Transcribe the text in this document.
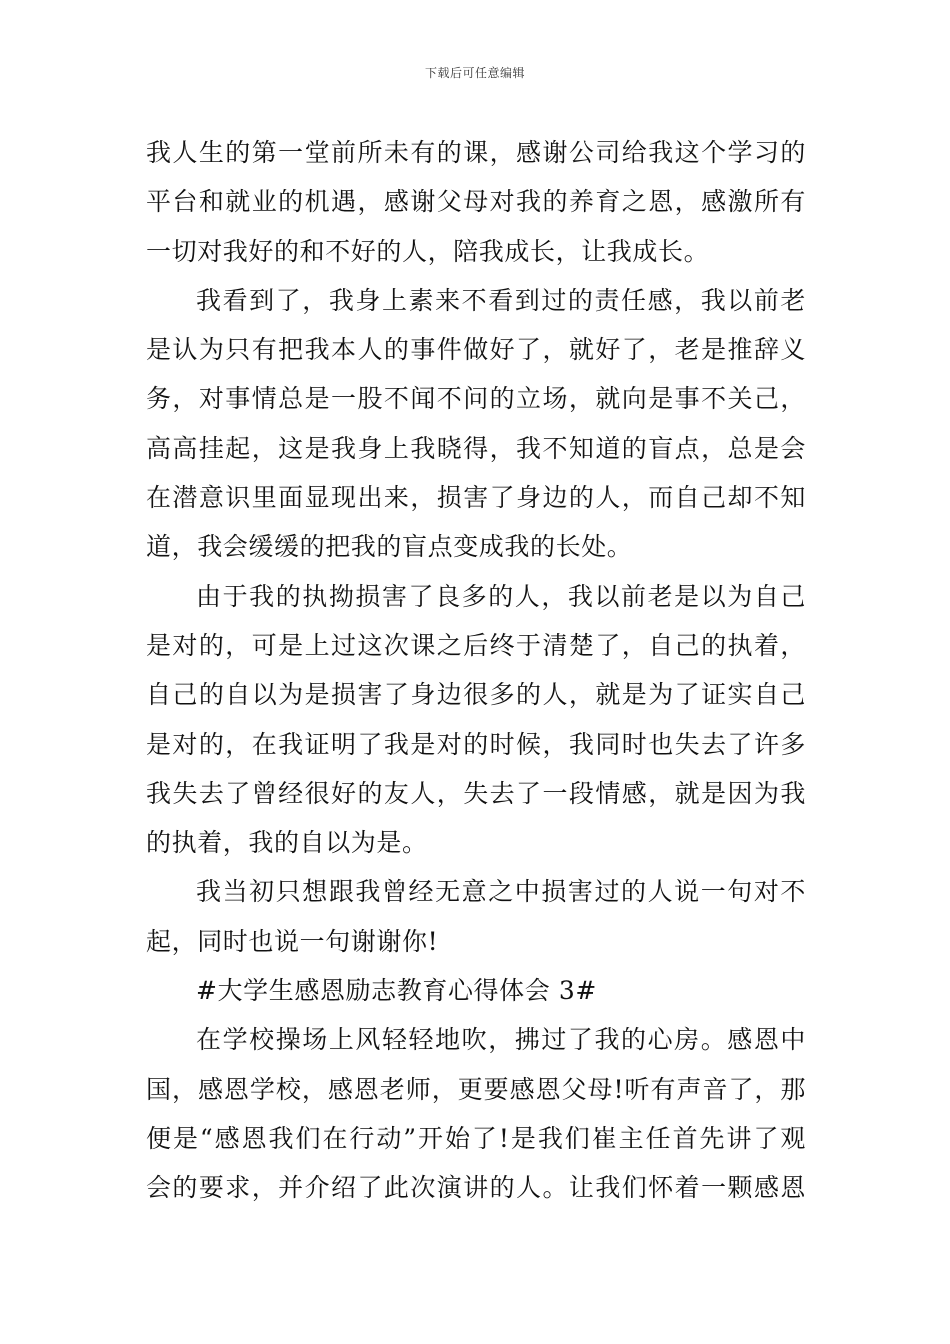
下载后可任意编辑
我人生的第一堂前所未有的课，感谢公司给我这个学习的
平台和就业的机遇，感谢父母对我的养育之恩，感激所有
一切对我好的和不好的人，陪我成长，让我成长。
我看到了，我身上素来不看到过的责任感，我以前老
是认为只有把我本人的事件做好了，就好了，老是推辞义
务，对事情总是一股不闻不问的立场，就向是事不关己，
高高挂起，这是我身上我晓得，我不知道的盲点，总是会
在潜意识里面显现出来，损害了身边的人，而自己却不知
道，我会缓缓的把我的盲点变成我的长处。
由于我的执拗损害了良多的人，我以前老是以为自己
是对的，可是上过这次课之后终于清楚了，自己的执着，
自己的自以为是损害了身边很多的人，就是为了证实自己
是对的，在我证明了我是对的时候，我同时也失去了许多
我失去了曾经很好的友人，失去了一段情感，就是因为我
的执着，我的自以为是。
我当初只想跟我曾经无意之中损害过的人说一句对不
起，同时也说一句谢谢你!
#大学生感恩励志教育心得体会 3#
在学校操场上风轻轻地吹，拂过了我的心房。感恩中
国，感恩学校，感恩老师，更要感恩父母!听有声音了，那
便是“感恩我们在行动”开始了!是我们崔主任首先讲了观
会的要求，并介绍了此次演讲的人。让我们怀着一颗感恩
